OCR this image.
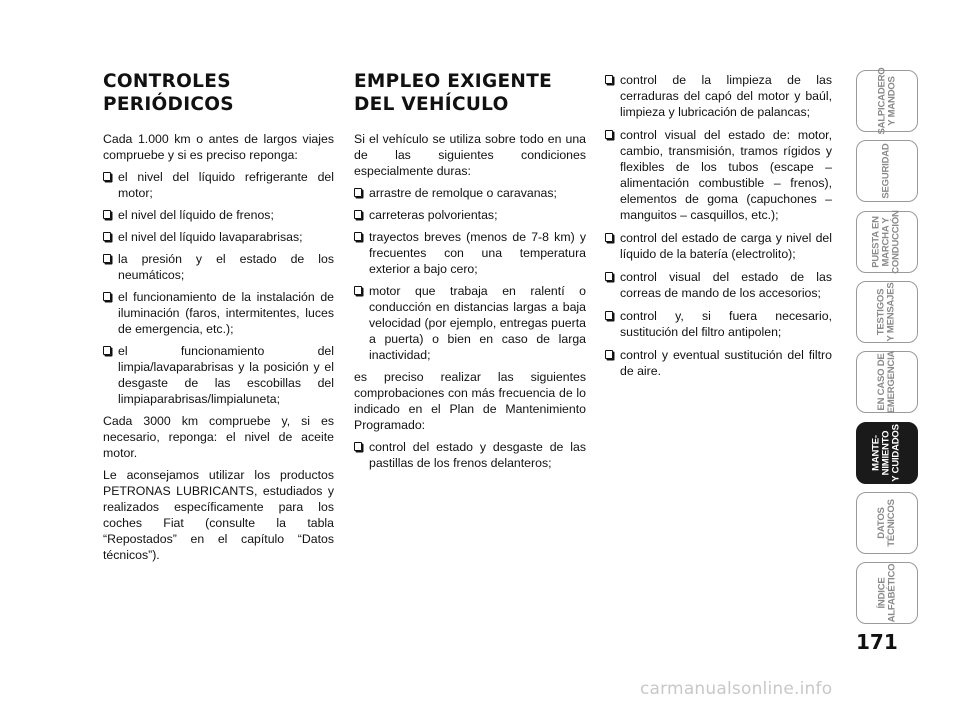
CONTROLES
PERIÓDICOS

Cada 1.000 km o antes de largos viajes compruebe y si es preciso reponga:

el nivel del líquido refrigerante del motor;
el nivel del líquido de frenos;
el nivel del líquido lavaparabrisas;
la presión y el estado de los neumáticos;
el funcionamiento de la instalación de iluminación (faros, intermitentes, luces de emergencia, etc.);
el funcionamiento del limpia/lavaparabrisas y la posición y el desgaste de las escobillas del limpiaparabrisas/limpialuneta;

Cada 3000 km compruebe y, si es necesario, reponga: el nivel de aceite motor.

Le aconsejamos utilizar los productos PETRONAS LUBRICANTS, estudiados y realizados específicamente para los coches Fiat (consulte la tabla “Repostados” en el capítulo “Datos técnicos”).

EMPLEO EXIGENTE
DEL VEHÍCULO

Si el vehículo se utiliza sobre todo en una de las siguientes condiciones especialmente duras:

arrastre de remolque o caravanas;
carreteras polvorientas;
trayectos breves (menos de 7-8 km) y frecuentes con una temperatura exterior a bajo cero;
motor que trabaja en ralentí o conducción en distancias largas a baja velocidad (por ejemplo, entregas puerta a puerta) o bien en caso de larga inactividad;

es preciso realizar las siguientes comprobaciones con más frecuencia de lo indicado en el Plan de Mantenimiento Programado:

control del estado y desgaste de las pastillas de los frenos delanteros;
control de la limpieza de las cerraduras del capó del motor y baúl, limpieza y lubricación de palancas;
control visual del estado de: motor, cambio, transmisión, tramos rígidos y flexibles de los tubos (escape – alimentación combustible – frenos), elementos de goma (capuchones – manguitos – casquillos, etc.);
control del estado de carga y nivel del líquido de la batería (electrolito);
control visual del estado de las correas de mando de los accesorios;
control y, si fuera necesario, sustitución del filtro antipolen;
control y eventual sustitución del filtro de aire.
SALPICADERO
Y MANDOS
SEGURIDAD
PUESTA EN
MARCHA Y
CONDUCCIÓN
TESTIGOS
Y MENSAJES
EN CASO DE
EMERGENCIA
MANTE-
NIMIENTO
Y CUIDADOS
DATOS
TÉCNICOS
ÍNDICE
ALFABÉTICO
171
carmanualsonline.info
